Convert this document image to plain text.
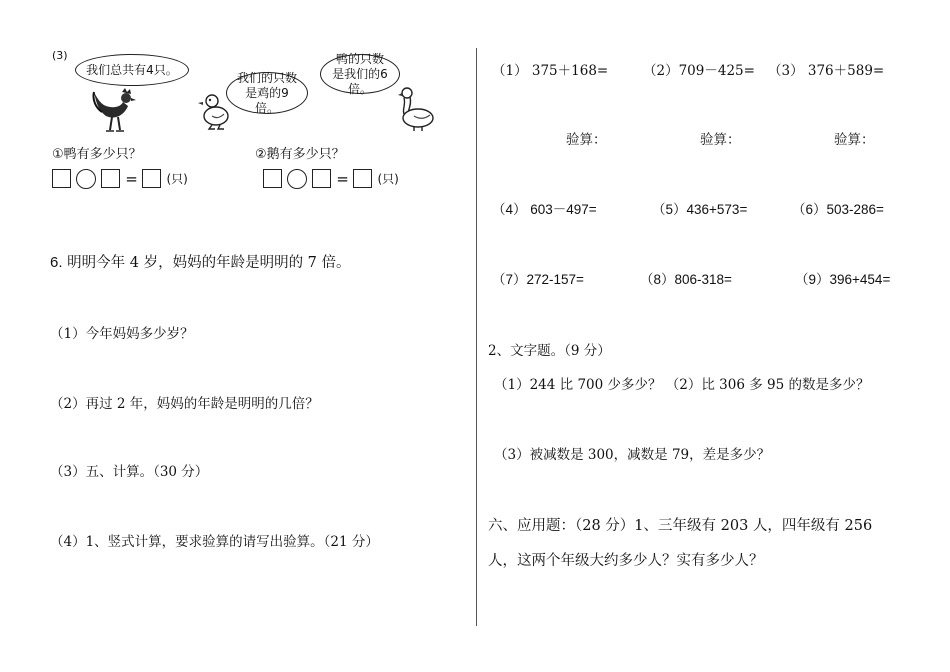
(3)
我们总共有4只。
我们的只数是鸡的9倍。
鸭的只数是我们的6倍。
①鸭有多少只？	②鹅有多少只？
= (只)	= (只)
6. 明明今年 4 岁，妈妈的年龄是明明的 7 倍。
（1）今年妈妈多少岁？
（2）再过 2 年，妈妈的年龄是明明的几倍？
（3）五、计算。（30 分）
（4）1、竖式计算，要求验算的请写出验算。（21 分）
（1） 375＋168=	（2）709－425= （3） 376＋589=
验算：	验算：	验算：
（4） 603－497=	（5）436+573=	（6）503-286=
（7）272-157=	（8）806-318=	（9）396+454=
2、文字题。（9 分）
（1）244 比 700 少多少？ （2）比 306 多 95 的数是多少？
（3）被减数是 300，减数是 79，差是多少？
六、应用题：（28 分）1、三年级有 203 人，四年级有 256
人，这两个年级大约多少人？实有多少人？
